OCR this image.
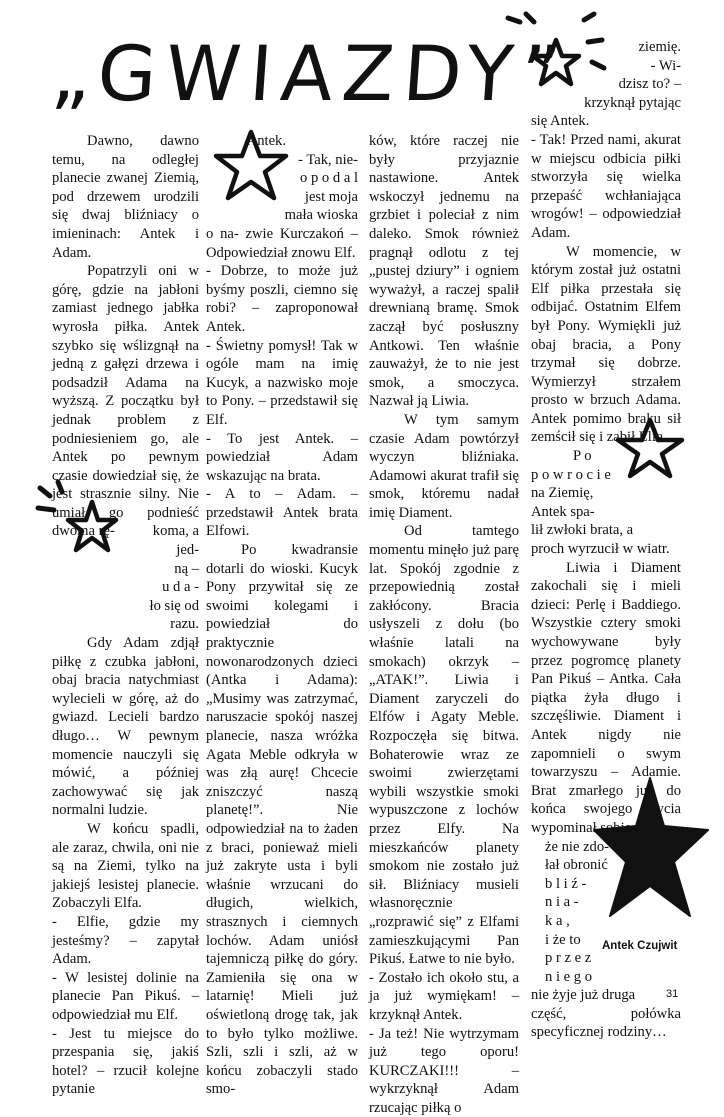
„GWIAZDY”

Dawno, dawno temu, na odległej planecie zwanej Ziemią, pod drzewem urodzili się dwaj bliźniacy o imieninach: Antek i Adam.

Popatrzyli oni w górę, gdzie na jabłoni zamiast jednego jabłka wyrosła piłka. Antek szybko się wślizgnął na jedną z gałęzi drzewa i podsadził Adama na wyższą. Z początku był jednak problem z podniesieniem go, ale Antek po pewnym czasie dowiedział się, że jest strasznie silny. Nie umiał go podnieść dwoma rę-	koma, a

jed-

ną –

u d a -

ło się od

razu.

Gdy Adam zdjął piłkę z czubka jabłoni, obaj bracia natychmiast wylecieli w górę, aż do gwiazd. Lecieli bardzo długo… W pewnym momencie nauczyli się mówić, a później zachowywać się jak normalni ludzie.

W końcu spadli, ale zaraz, chwila, oni nie są na Ziemi, tylko na jakiejś lesistej planecie. Zobaczyli Elfa.

- Elfie, gdzie my jesteśmy? – zapytał Adam.

- W lesistej dolinie na planecie Pan Pikuś. – odpowiedział mu Elf.

- Jest tu miejsce do przespania się, jakiś hotel? – rzucił kolejne pytanie

Antek.

- Tak, nie-

o p o d a l

jest moja

mała wioska

o na- zwie Kurczakoń – Odpowiedział znowu Elf.

- Dobrze, to może już byśmy poszli, ciemno się robi? – zaproponował Antek.

- Świetny pomysł! Tak w ogóle mam na imię Kucyk, a nazwisko moje to Pony. – przedstawił się Elf.

- To jest Antek. – powiedział Adam wskazując na brata.

- A to – Adam. – przedstawił Antek brata Elfowi.

Po kwadransie dotarli do wioski. Kucyk Pony przywitał się ze swoimi kolegami i powiedział do praktycznie nowonarodzonych dzieci (Antka i Adama): „Musimy was zatrzymać, naruszacie spokój naszej planecie, nasza wróżka Agata Meble odkryła w was złą aurę! Chcecie zniszczyć naszą planetę!”. Nie odpowiedział na to żaden z braci, ponieważ mieli już zakryte usta i byli właśnie wrzucani do długich, wielkich, strasznych i ciemnych lochów. Adam uniósł tajemniczą piłkę do góry. Zamieniła się ona w latarnię! Mieli już oświetloną drogę tak, jak to było tylko możliwe. Szli, szli i szli, aż w końcu zobaczyli stado smo-

ków, które raczej nie były przyjaznie nastawione. Antek wskoczył jednemu na grzbiet i poleciał z nim daleko. Smok również pragnął odlotu z tej „pustej dziury” i ogniem wyważył, a raczej spalił drewnianą bramę. Smok zaczął być posłuszny Antkowi. Ten właśnie zauważył, że to nie jest smok, a smoczyca. Nazwał ją Liwia.

W tym samym czasie Adam powtórzył wyczyn bliźniaka. Adamowi akurat trafił się smok, któremu nadał imię Diament.

Od tamtego momentu minęło już parę lat. Spokój zgodnie z przepowiednią został zakłócony. Bracia usłyszeli z dołu (bo właśnie latali na smokach) okrzyk – „ATAK!”. Liwia i Diament zaryczeli do Elfów i Agaty Meble. Rozpoczęła się bitwa. Bohaterowie wraz ze swoimi zwierzętami wybili wszystkie smoki wypuszczone z lochów przez Elfy. Na mieszkańców planety smokom nie zostało już sił. Bliźniacy musieli własnoręcznie „rozprawić się” z Elfami zamieszkującymi Pan Pikuś. Łatwe to nie było.

- Zostało ich około stu, a ja już wymiękam! – krzyknął Antek.

- Ja też! Nie wytrzymam już tego oporu! KURCZAKI!!! – wykrzyknął Adam rzucając piłką o

ziemię.

- Wi-

dzisz to? –

krzyknął pytając

się Antek.

- Tak! Przed nami, akurat w miejscu odbicia piłki stworzyła się wielka przepaść wchłaniająca wrogów! – odpowiedział Adam.

W momencie, w którym został już ostatni Elf piłka przestała się odbijać. Ostatnim Elfem był Pony. Wymiękli już obaj bracia, a Pony trzymał się dobrze. Wymierzył strzałem prosto w brzuch Adama. Antek pomimo braku sił zemścił się i zabił Elfa.

P o

p o w r o c i e

na Ziemię,

Antek spa-

lił zwłoki brata, a

proch wyrzucił w wiatr.

Liwia i Diament zakochali się i mieli dzieci: Perlę i Baddiego. Wszystkie cztery smoki wychowywane były przez pogromcę planety Pan Pikuś – Antka. Cała piątka żyła długo i szczęśliwie. Diament i Antek nigdy nie zapomnieli o swym towarzyszu – Adamie. Brat zmarłego już do końca swojego życia wypominał sobie,

że nie zdo-

łał obronić

b l i ź -

n i a -

k a ,

i że to

p r z e z

n i e g o

nie żyje już druga

część, połówka specyficznej rodziny…

Antek Czujwit
31
